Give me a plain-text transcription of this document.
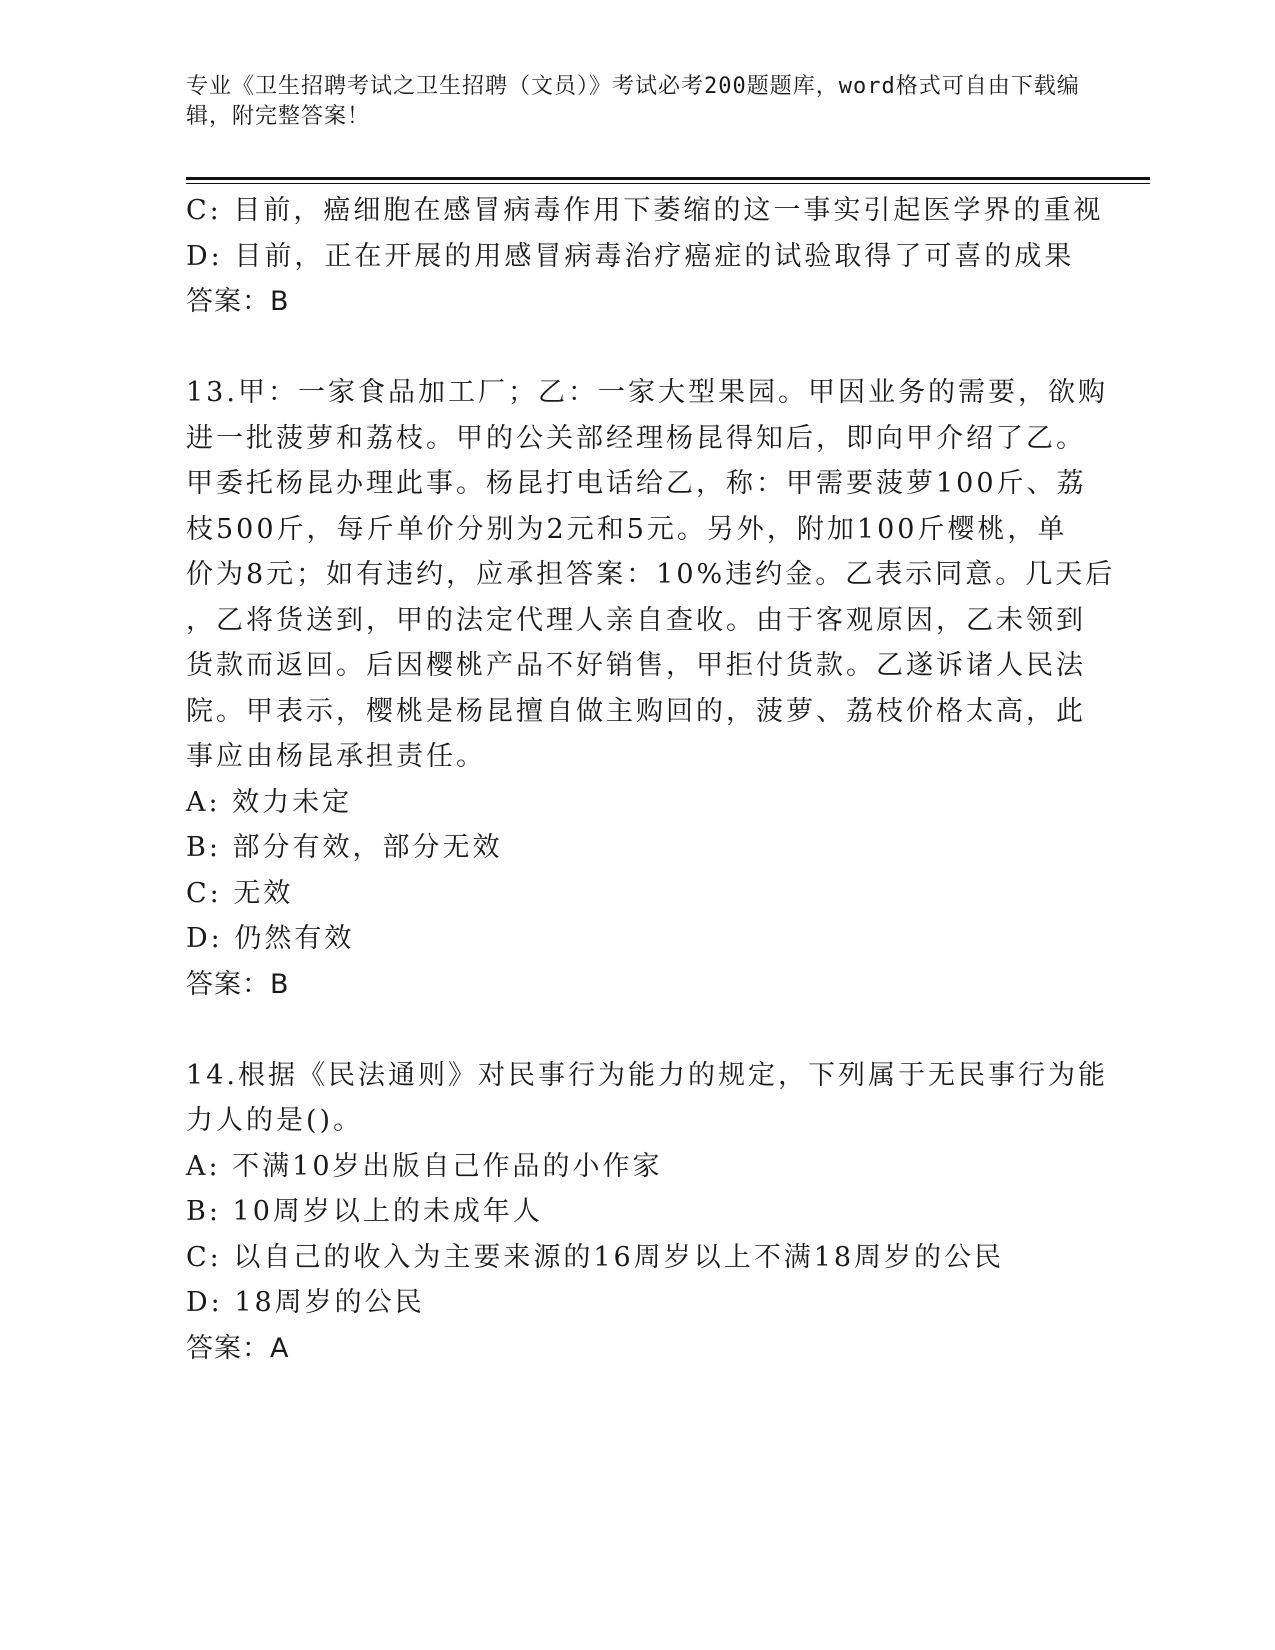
专业《卫生招聘考试之卫生招聘（文员）》考试必考200题题库，word格式可自由下载编辑，附完整答案！
C: 目前，癌细胞在感冒病毒作用下萎缩的这一事实引起医学界的重视
D: 目前，正在开展的用感冒病毒治疗癌症的试验取得了可喜的成果
答案：B
13.甲：一家食品加工厂；乙：一家大型果园。甲因业务的需要，欲购
进一批菠萝和荔枝。甲的公关部经理杨昆得知后，即向甲介绍了乙。
甲委托杨昆办理此事。杨昆打电话给乙，称：甲需要菠萝100斤、荔
枝500斤，每斤单价分别为2元和5元。另外，附加100斤樱桃，单
价为8元；如有违约，应承担答案：10%违约金。乙表示同意。几天后
，乙将货送到，甲的法定代理人亲自查收。由于客观原因，乙未领到
货款而返回。后因樱桃产品不好销售，甲拒付货款。乙遂诉诸人民法
院。甲表示，樱桃是杨昆擅自做主购回的，菠萝、荔枝价格太高，此
事应由杨昆承担责任。
A: 效力未定
B: 部分有效，部分无效
C: 无效
D: 仍然有效
答案：B
14.根据《民法通则》对民事行为能力的规定，下列属于无民事行为能
力人的是()。
A: 不满10岁出版自己作品的小作家
B: 10周岁以上的未成年人
C: 以自己的收入为主要来源的16周岁以上不满18周岁的公民
D: 18周岁的公民
答案：A
